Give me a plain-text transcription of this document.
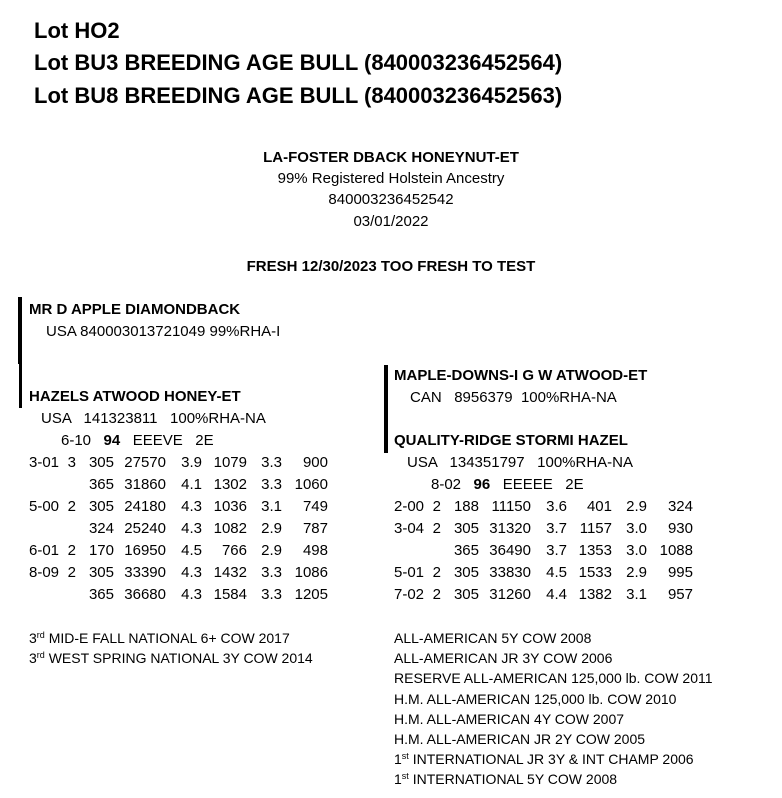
Lot HO2
Lot BU3 BREEDING AGE BULL (840003236452564)
Lot BU8 BREEDING AGE BULL (840003236452563)
LA-FOSTER DBACK HONEYNUT-ET
99% Registered Holstein Ancestry
840003236452542
03/01/2022
FRESH 12/30/2023 TOO FRESH TO TEST
MR D APPLE DIAMONDBACK
USA 840003013721049 99%RHA-I
HAZELS ATWOOD HONEY-ET
USA 141323811 100%RHA-NA
6-10 94 EEEVE 2E
3-01	3	305	27570	3.9	1079	3.3	900
		365	31860	4.1	1302	3.3	1060
5-00	2	305	24180	4.3	1036	3.1	749
		324	25240	4.3	1082	2.9	787
6-01	2	170	16950	4.5	766	2.9	498
8-09	2	305	33390	4.3	1432	3.3	1086
		365	36680	4.3	1584	3.3	1205
3rd MID-E FALL NATIONAL 6+ COW 2017
3rd WEST SPRING NATIONAL 3Y COW 2014
MAPLE-DOWNS-I G W ATWOOD-ET
CAN 8956379 100%RHA-NA
QUALITY-RIDGE STORMI HAZEL
USA 134351797 100%RHA-NA
8-02 96 EEEEE 2E
2-00	2	188	11150	3.6	401	2.9	324
3-04	2	305	31320	3.7	1157	3.0	930
		365	36490	3.7	1353	3.0	1088
5-01	2	305	33830	4.5	1533	2.9	995
7-02	2	305	31260	4.4	1382	3.1	957
ALL-AMERICAN 5Y COW 2008
ALL-AMERICAN JR 3Y COW 2006
RESERVE ALL-AMERICAN 125,000 lb. COW 2011
H.M. ALL-AMERICAN 125,000 lb. COW 2010
H.M. ALL-AMERICAN 4Y COW 2007
H.M. ALL-AMERICAN JR 2Y COW 2005
1st INTERNATIONAL JR 3Y & INT CHAMP 2006
1st INTERNATIONAL 5Y COW 2008
